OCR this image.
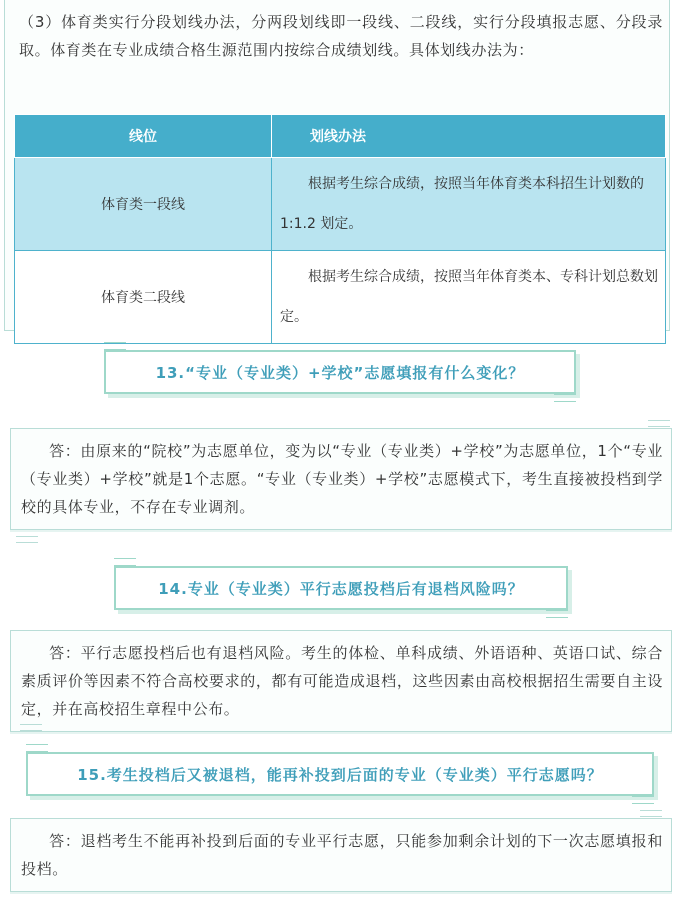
（3）体育类实行分段划线办法，分两段划线即一段线、二段线，实行分段填报志愿、分段录取。体育类在专业成绩合格生源范围内按综合成绩划线。具体划线办法为：
线位	划线办法
体育类一段线	根据考生综合成绩，按照当年体育类本科招生计划数的1:1.2 划定。
体育类二段线	根据考生综合成绩，按照当年体育类本、专科计划总数划定。
13.“专业（专业类）+学校”志愿填报有什么变化？
答：由原来的“院校”为志愿单位，变为以“专业（专业类）+学校”为志愿单位，1个“专业（专业类）+学校”就是1个志愿。“专业（专业类）+学校”志愿模式下，考生直接被投档到学校的具体专业，不存在专业调剂。
14.专业（专业类）平行志愿投档后有退档风险吗？
答：平行志愿投档后也有退档风险。考生的体检、单科成绩、外语语种、英语口试、综合素质评价等因素不符合高校要求的，都有可能造成退档，这些因素由高校根据招生需要自主设定，并在高校招生章程中公布。
15.考生投档后又被退档，能再补投到后面的专业（专业类）平行志愿吗？
答：退档考生不能再补投到后面的专业平行志愿，只能参加剩余计划的下一次志愿填报和投档。
